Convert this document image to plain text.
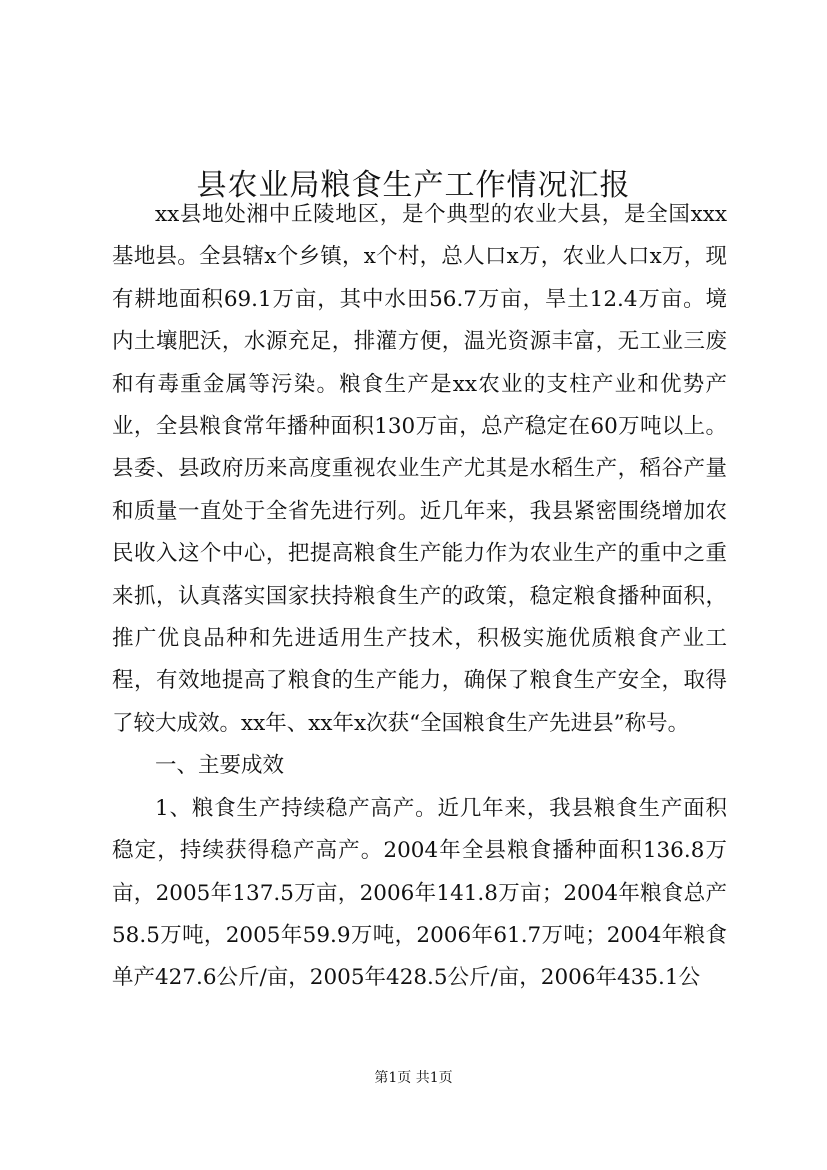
县农业局粮食生产工作情况汇报

xx县地处湘中丘陵地区，是个典型的农业大县，是全国xxx基地县。全县辖x个乡镇，x个村，总人口x万，农业人口x万，现有耕地面积69.1万亩，其中水田56.7万亩，旱土12.4万亩。境内土壤肥沃，水源充足，排灌方便，温光资源丰富，无工业三废和有毒重金属等污染。粮食生产是xx农业的支柱产业和优势产业，全县粮食常年播种面积130万亩，总产稳定在60万吨以上。县委、县政府历来高度重视农业生产尤其是水稻生产，稻谷产量和质量一直处于全省先进行列。近几年来，我县紧密围绕增加农民收入这个中心，把提高粮食生产能力作为农业生产的重中之重来抓，认真落实国家扶持粮食生产的政策，稳定粮食播种面积，推广优良品种和先进适用生产技术，积极实施优质粮食产业工程，有效地提高了粮食的生产能力，确保了粮食生产安全，取得了较大成效。xx年、xx年x次获“全国粮食生产先进县”称号。

一、主要成效

1、粮食生产持续稳产高产。近几年来，我县粮食生产面积稳定，持续获得稳产高产。2004年全县粮食播种面积136.8万亩，2005年137.5万亩，2006年141.8万亩；2004年粮食总产58.5万吨，2005年59.9万吨，2006年61.7万吨；2004年粮食单产427.6公斤/亩，2005年428.5公斤/亩，2006年435.1公

第1页 共1页
